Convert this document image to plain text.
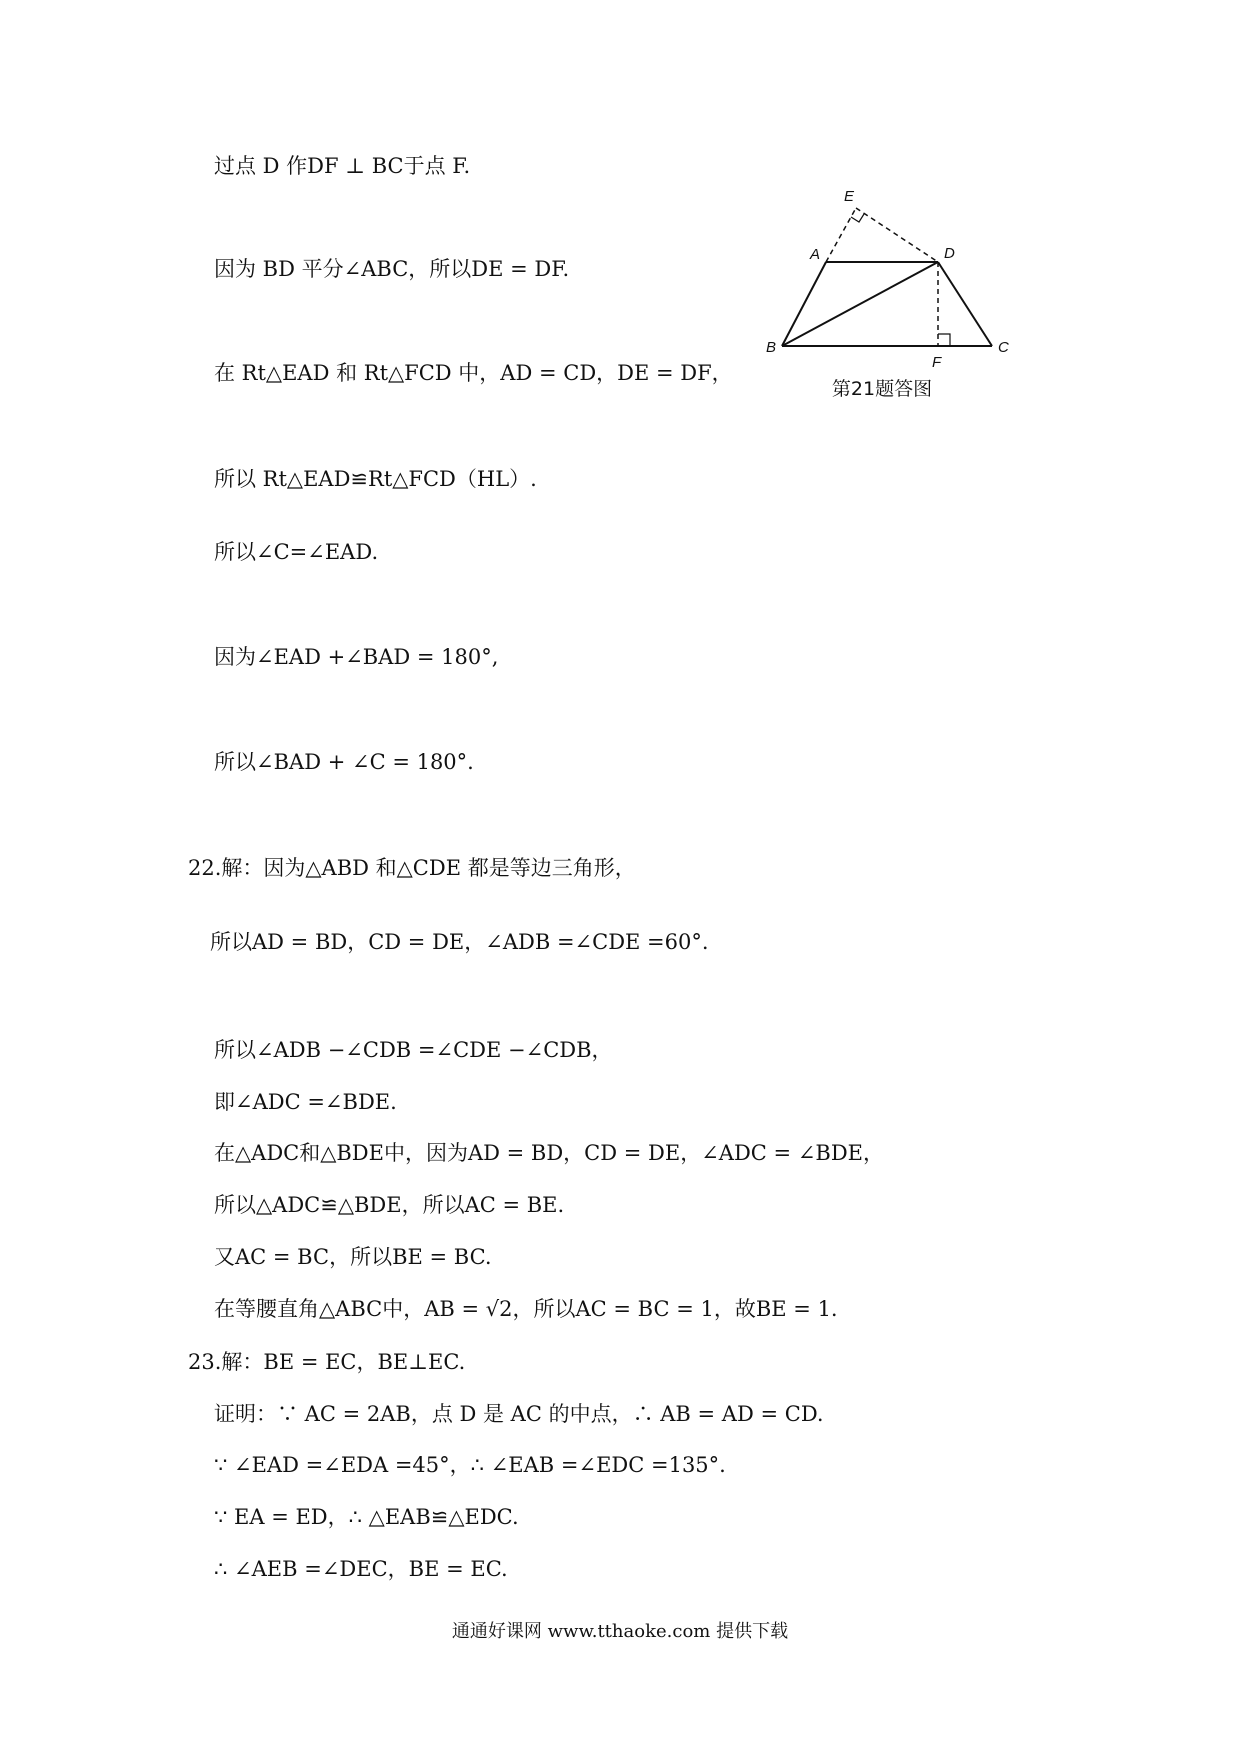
过点 D 作DF ⊥ BC于点 F.
因为 BD 平分∠ABC，所以DE = DF.
在 Rt△EAD 和 Rt△FCD 中，AD = CD，DE = DF，
所以 Rt△EAD≌Rt△FCD（HL）.
所以∠C=∠EAD.
因为∠EAD +∠BAD = 180°,
所以∠BAD + ∠C = 180°.
E
A	D
B
F
C
第21题答图
22.解：因为△ABD 和△CDE 都是等边三角形，
所以AD = BD，CD = DE，∠ADB =∠CDE =60°.
所以∠ADB −∠CDB =∠CDE −∠CDB，
即∠ADC =∠BDE.
在△ADC和△BDE中，因为AD = BD，CD = DE，∠ADC = ∠BDE，
所以△ADC≌△BDE，所以AC = BE.
又AC = BC，所以BE = BC.
在等腰直角△ABC中，AB = √2，所以AC = BC = 1，故BE = 1.
23.解：BE = EC，BE⊥EC.
证明：∵ AC = 2AB，点 D 是 AC 的中点，∴ AB = AD = CD.
∵ ∠EAD =∠EDA =45°，∴ ∠EAB =∠EDC =135°.
∵ EA = ED，∴ △EAB≌△EDC.
∴ ∠AEB =∠DEC，BE = EC.
通通好课网 www.tthaoke.com 提供下载
